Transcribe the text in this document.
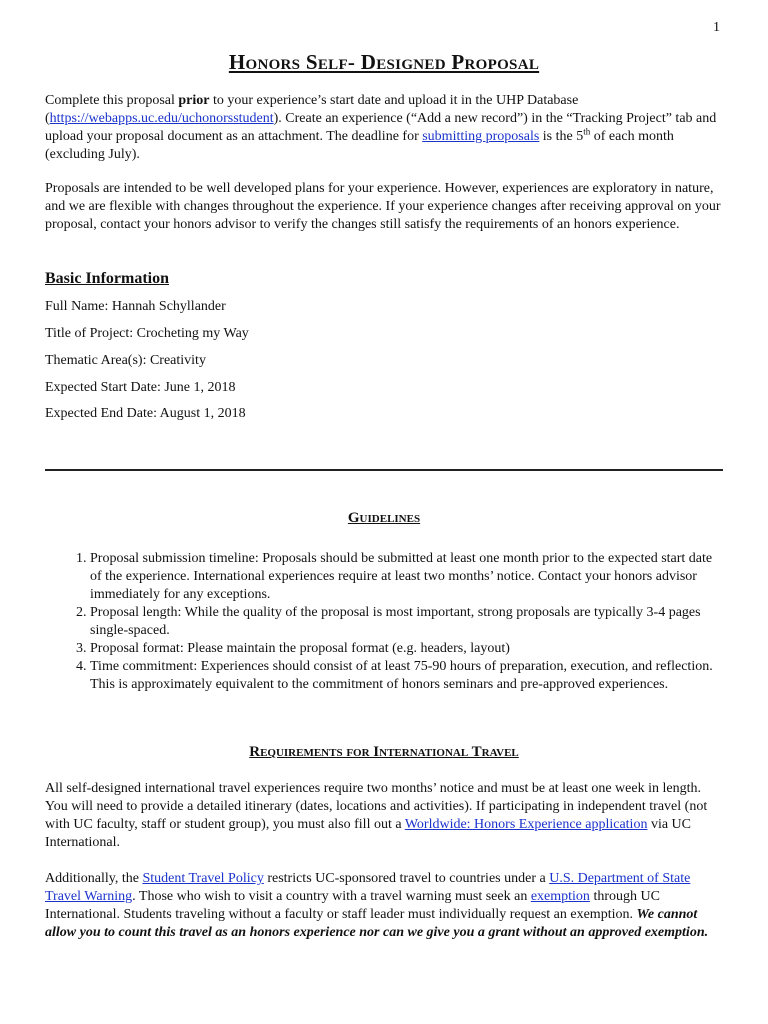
1
Honors Self- Designed Proposal
Complete this proposal prior to your experience’s start date and upload it in the UHP Database (https://webapps.uc.edu/uchonorsstudent). Create an experience (“Add a new record”) in the “Tracking Project” tab and upload your proposal document as an attachment. The deadline for submitting proposals is the 5th of each month (excluding July).
Proposals are intended to be well developed plans for your experience. However, experiences are exploratory in nature, and we are flexible with changes throughout the experience. If your experience changes after receiving approval on your proposal, contact your honors advisor to verify the changes still satisfy the requirements of an honors experience.
Basic Information
Full Name: Hannah Schyllander
Title of Project: Crocheting my Way
Thematic Area(s): Creativity
Expected Start Date: June 1, 2018
Expected End Date: August 1, 2018
Guidelines
1. Proposal submission timeline: Proposals should be submitted at least one month prior to the expected start date of the experience. International experiences require at least two months’ notice. Contact your honors advisor immediately for any exceptions.
2. Proposal length: While the quality of the proposal is most important, strong proposals are typically 3-4 pages single-spaced.
3. Proposal format: Please maintain the proposal format (e.g. headers, layout)
4. Time commitment: Experiences should consist of at least 75-90 hours of preparation, execution, and reflection. This is approximately equivalent to the commitment of honors seminars and pre-approved experiences.
Requirements for International Travel
All self-designed international travel experiences require two months’ notice and must be at least one week in length. You will need to provide a detailed itinerary (dates, locations and activities). If participating in independent travel (not with UC faculty, staff or student group), you must also fill out a Worldwide: Honors Experience application via UC International.
Additionally, the Student Travel Policy restricts UC-sponsored travel to countries under a U.S. Department of State Travel Warning. Those who wish to visit a country with a travel warning must seek an exemption through UC International. Students traveling without a faculty or staff leader must individually request an exemption. We cannot allow you to count this travel as an honors experience nor can we give you a grant without an approved exemption.
